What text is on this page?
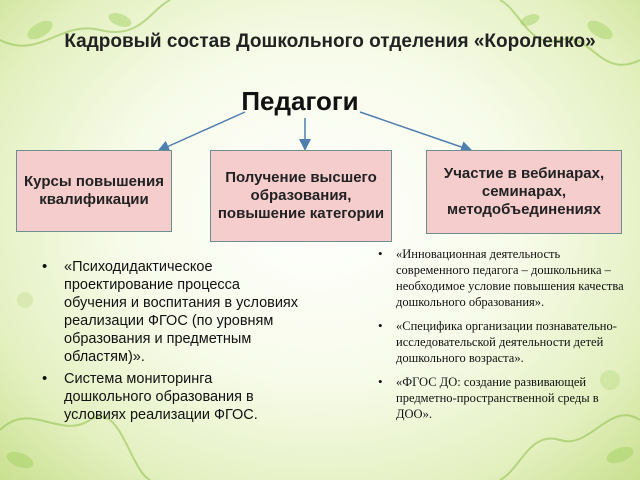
Кадровый состав Дошкольного отделения «Короленко»
Педагоги
Курсы повышения квалификации
Получение высшего образования, повышение категории
Участие в вебинарах, семинарах, методобъединениях
• «Психодидактическое проектирование процесса обучения и воспитания в условиях реализации ФГОС (по уровням образования и предметным областям)».
• Система мониторинга дошкольного образования в условиях реализации ФГОС.
• «Инновационная деятельность современного педагога – дошкольника – необходимое условие повышения качества дошкольного образования».
• «Специфика организации познавательно-исследовательской деятельности детей дошкольного возраста».
• «ФГОС ДО: создание развивающей предметно-пространственной среды в ДОО».
